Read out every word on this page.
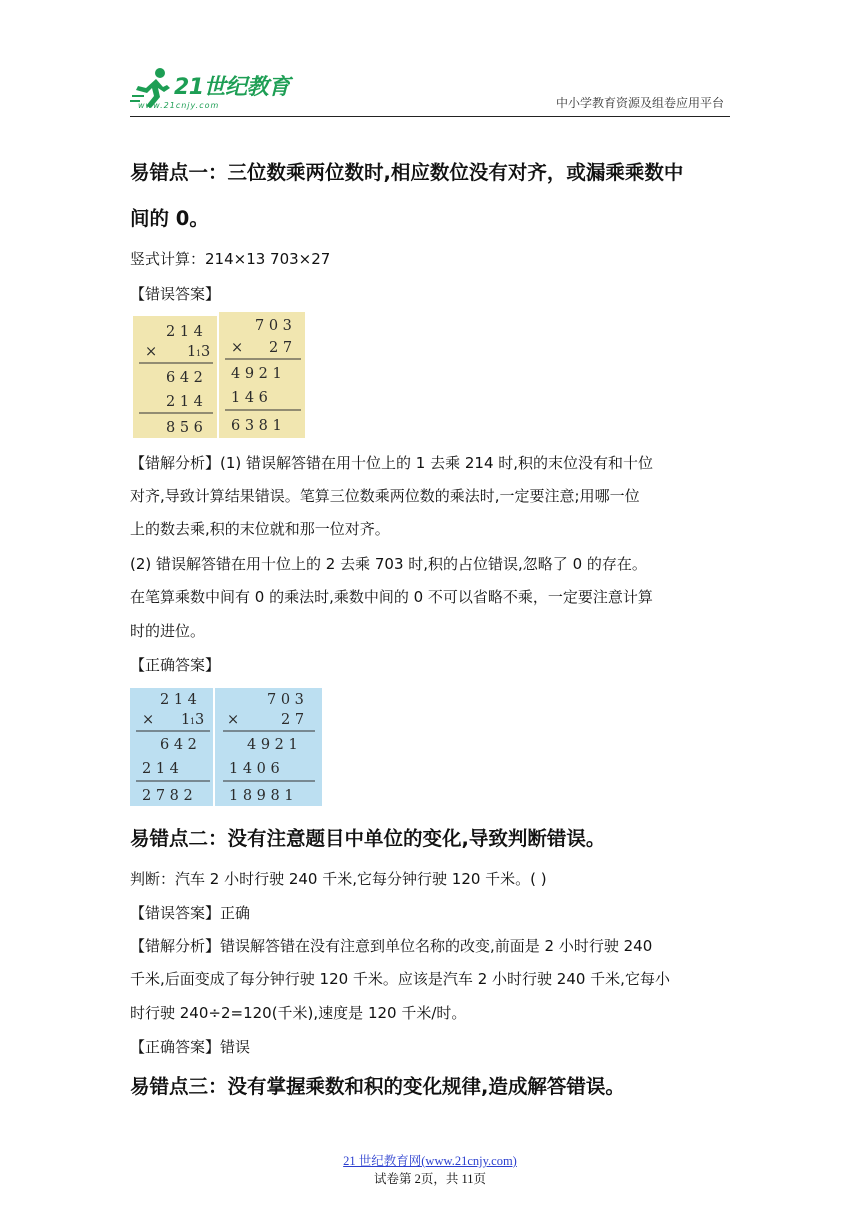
21世纪教育
www.21cnjy.com	中小学教育资源及组卷应用平台
易错点一：三位数乘两位数时,相应数位没有对齐，或漏乘乘数中
间的 0。
竖式计算：214×13 703×27
【错误答案】
2 1 4
× 1 1 3
6 4 2
2 1 4
8 5 6
7 0 3
× 2 7
4 9 2 1
1 4 6
6 3 8 1
【错解分析】(1) 错误解答错在用十位上的 1 去乘 214 时,积的末位没有和十位
对齐,导致计算结果错误。笔算三位数乘两位数的乘法时,一定要注意;用哪一位
上的数去乘,积的末位就和那一位对齐。
(2) 错误解答错在用十位上的 2 去乘 703 时,积的占位错误,忽略了 0 的存在。
在笔算乘数中间有 0 的乘法时,乘数中间的 0 不可以省略不乘，一定要注意计算
时的进位。
【正确答案】
2 1 4
× 1 1 3
6 4 2
2 1 4
2 7 8 2
7 0 3
×	2 7
4 9 2 1
1 4 0 6
1 8 9 8 1
易错点二：没有注意题目中单位的变化,导致判断错误。
判断：汽车 2 小时行驶 240 千米,它每分钟行驶 120 千米。( )
【错误答案】正确
【错解分析】错误解答错在没有注意到单位名称的改变,前面是 2 小时行驶 240
千米,后面变成了每分钟行驶 120 千米。应该是汽车 2 小时行驶 240 千米,它每小
时行驶 240÷2=120(千米),速度是 120 千米/时。
【正确答案】错误
易错点三：没有掌握乘数和积的变化规律,造成解答错误。
21 世纪教育网(www.21cnjy.com)
试卷第 2页，共 11页
